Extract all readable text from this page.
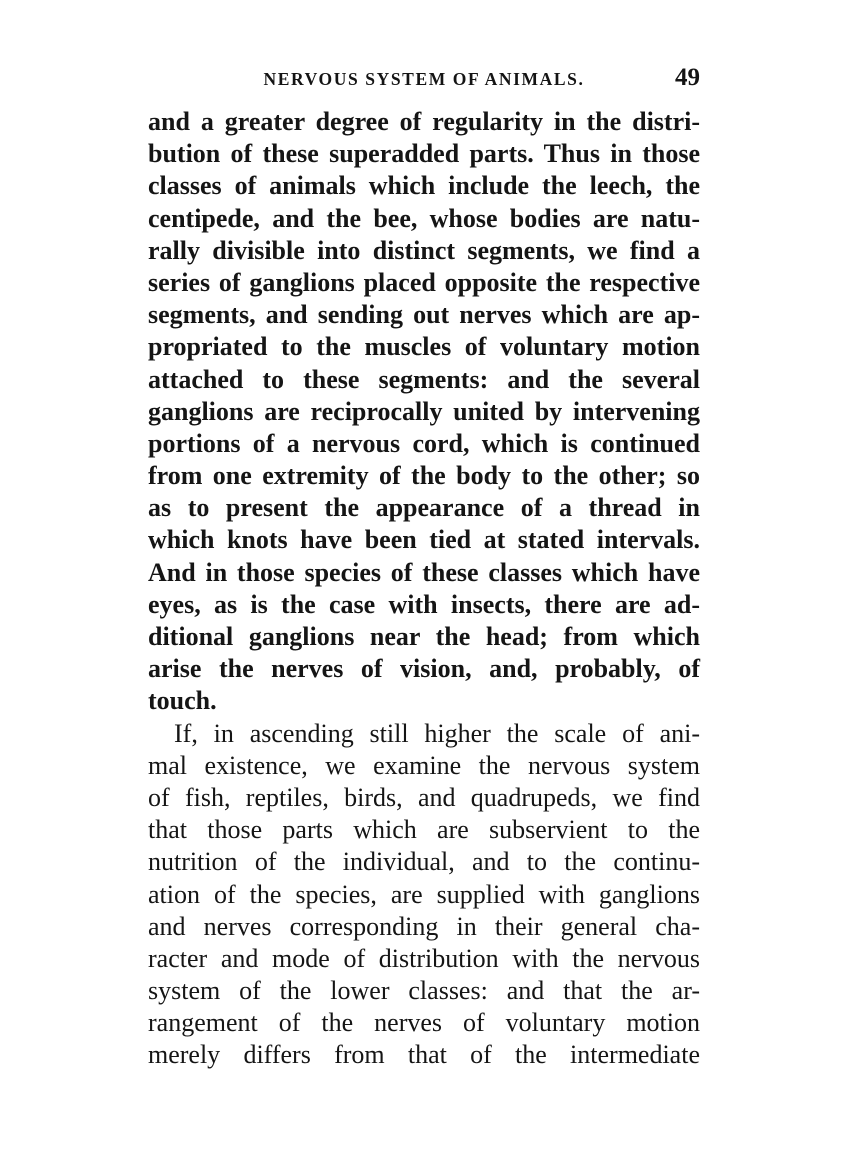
NERVOUS SYSTEM OF ANIMALS.	49
and a greater degree of regularity in the distri-
bution of these superadded parts. Thus in those
classes of animals which include the leech, the
centipede, and the bee, whose bodies are natu-
rally divisible into distinct segments, we find a
series of ganglions placed opposite the respective
segments, and sending out nerves which are ap-
propriated to the muscles of voluntary motion
attached to these segments: and the several
ganglions are reciprocally united by intervening
portions of a nervous cord, which is continued
from one extremity of the body to the other; so
as to present the appearance of a thread in
which knots have been tied at stated intervals.
And in those species of these classes which have
eyes, as is the case with insects, there are ad-
ditional ganglions near the head; from which
arise the nerves of vision, and, probably, of
touch.
If, in ascending still higher the scale of ani-
mal existence, we examine the nervous system
of fish, reptiles, birds, and quadrupeds, we find
that those parts which are subservient to the
nutrition of the individual, and to the continu-
ation of the species, are supplied with ganglions
and nerves corresponding in their general cha-
racter and mode of distribution with the nervous
system of the lower classes: and that the ar-
rangement of the nerves of voluntary motion
merely differs from that of the intermediate
